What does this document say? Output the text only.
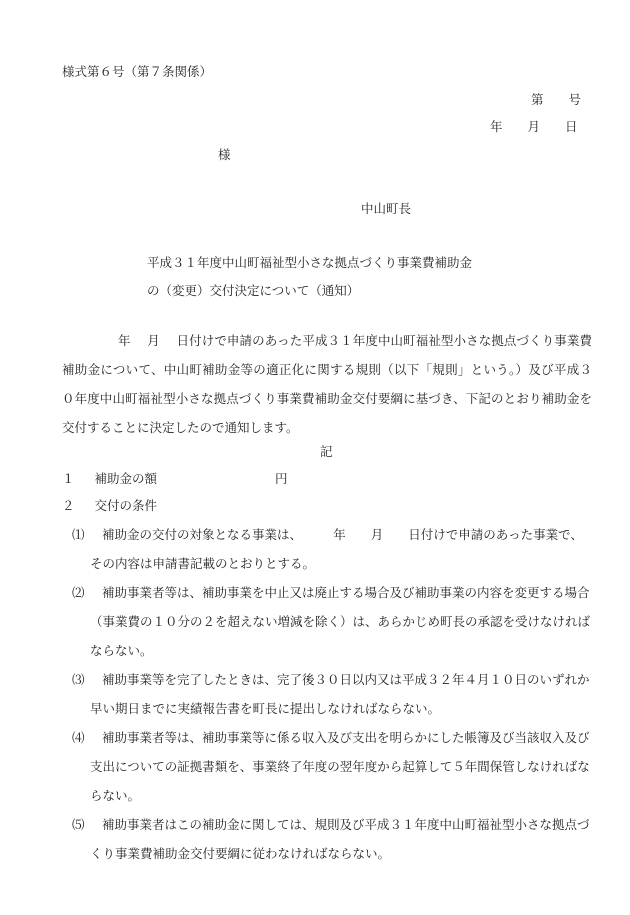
様式第６号（第７条関係）
第　　号
年　　月　　日
様
中山町長
平成３１年度中山町福祉型小さな拠点づくり事業費補助金
の（変更）交付決定について（通知）

年　 月　 日付けで申請のあった平成３１年度中山町福祉型小さな拠点づくり事業費補助金について、中山町補助金等の適正化に関する規則（以下「規則」という。）及び平成３０年度中山町福祉型小さな拠点づくり事業費補助金交付要綱に基づき、下記のとおり補助金を交付することに決定したので通知します。

記
１ 補助金の額	円
２ 交付の条件
⑴	補助金の交付の対象となる事業は、　　　年　　月　　日付けで申請のあった事業で、その内容は申請書記載のとおりとする。
⑵	補助事業者等は、補助事業を中止又は廃止する場合及び補助事業の内容を変更する場合（事業費の１０分の２を超えない増減を除く）は、あらかじめ町長の承認を受けなければならない。
⑶	補助事業等を完了したときは、完了後３０日以内又は平成３２年４月１０日のいずれか早い期日までに実績報告書を町長に提出しなければならない。
⑷	補助事業者等は、補助事業等に係る収入及び支出を明らかにした帳簿及び当該収入及び支出についての証拠書類を、事業終了年度の翌年度から起算して５年間保管しなければならない。
⑸	補助事業者はこの補助金に関しては、規則及び平成３１年度中山町福祉型小さな拠点づくり事業費補助金交付要綱に従わなければならない。
